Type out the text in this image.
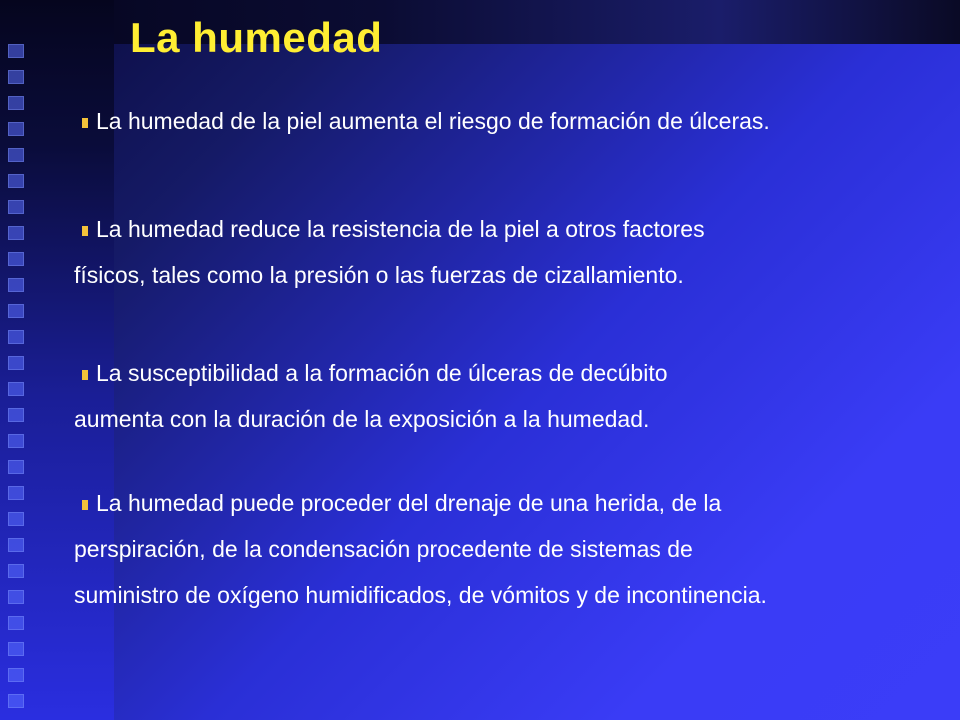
La humedad

La humedad de la piel aumenta el riesgo de formación de úlceras.

La humedad reduce la resistencia de la piel a otros factores
físicos, tales como la presión o las fuerzas de cizallamiento.

La susceptibilidad a la formación de úlceras de decúbito
aumenta con la duración de la exposición a la humedad.

La humedad puede proceder del drenaje de una herida, de la
perspiración, de la condensación procedente de sistemas de
suministro de oxígeno humidificados, de vómitos y de incontinencia.
